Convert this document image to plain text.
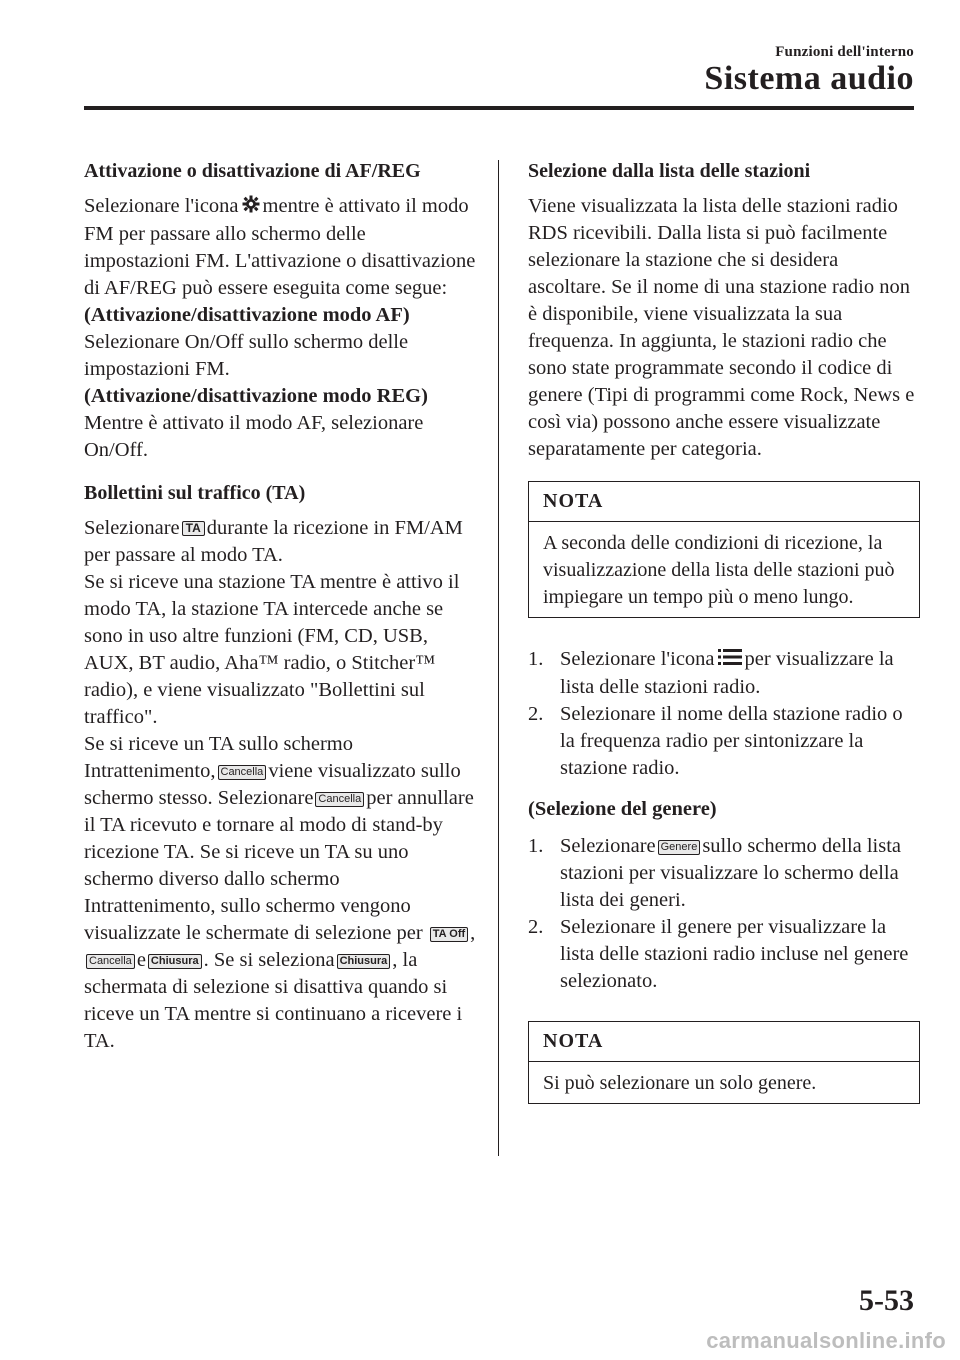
Funzioni dell'interno
Sistema audio

Attivazione o disattivazione di AF/REG

Selezionare l'icona mentre è attivato il modo FM per passare allo schermo delle impostazioni FM. L'attivazione o disattivazione di AF/REG può essere eseguita come segue:

(Attivazione/disattivazione modo AF)

Selezionare On/Off sullo schermo delle impostazioni FM.

(Attivazione/disattivazione modo REG)

Mentre è attivato il modo AF, selezionare On/Off.

Bollettini sul traffico (TA)

Selezionare TA durante la ricezione in FM/AM per passare al modo TA.

Se si riceve una stazione TA mentre è attivo il modo TA, la stazione TA intercede anche se sono in uso altre funzioni (FM, CD, USB, AUX, BT audio, Aha™ radio, o Stitcher™ radio), e viene visualizzato "Bollettini sul traffico".

Se si riceve un TA sullo schermo Intrattenimento, Cancella viene visualizzato sullo schermo stesso. Selezionare Cancella per annullare il TA ricevuto e tornare al modo di stand-by ricezione TA. Se si riceve un TA su uno schermo diverso dallo schermo Intrattenimento, sullo schermo vengono visualizzate le schermate di selezione per TA Off ,Cancella e Chiusura . Se si seleziona Chiusura , la schermata di selezione si disattiva quando si riceve un TA mentre si continuano a ricevere i TA.

Selezione dalla lista delle stazioni

Viene visualizzata la lista delle stazioni radio RDS ricevibili. Dalla lista si può facilmente selezionare la stazione che si desidera ascoltare. Se il nome di una stazione radio non è disponibile, viene visualizzata la sua frequenza. In aggiunta, le stazioni radio che sono state programmate secondo il codice di genere (Tipi di programmi come Rock, News e così via) possono anche essere visualizzate separatamente per categoria.

NOTA

A seconda delle condizioni di ricezione, la visualizzazione della lista delle stazioni può impiegare un tempo più o meno lungo.

1. Selezionare l'icona per visualizzare la lista delle stazioni radio.
2. Selezionare il nome della stazione radio o la frequenza radio per sintonizzare la stazione radio.

(Selezione del genere)

1. Selezionare Genere sullo schermo della lista stazioni per visualizzare lo schermo della lista dei generi.
2. Selezionare il genere per visualizzare la lista delle stazioni radio incluse nel genere selezionato.
NOTA

Si può selezionare un solo genere.

5-53
carmanualsonline.info
